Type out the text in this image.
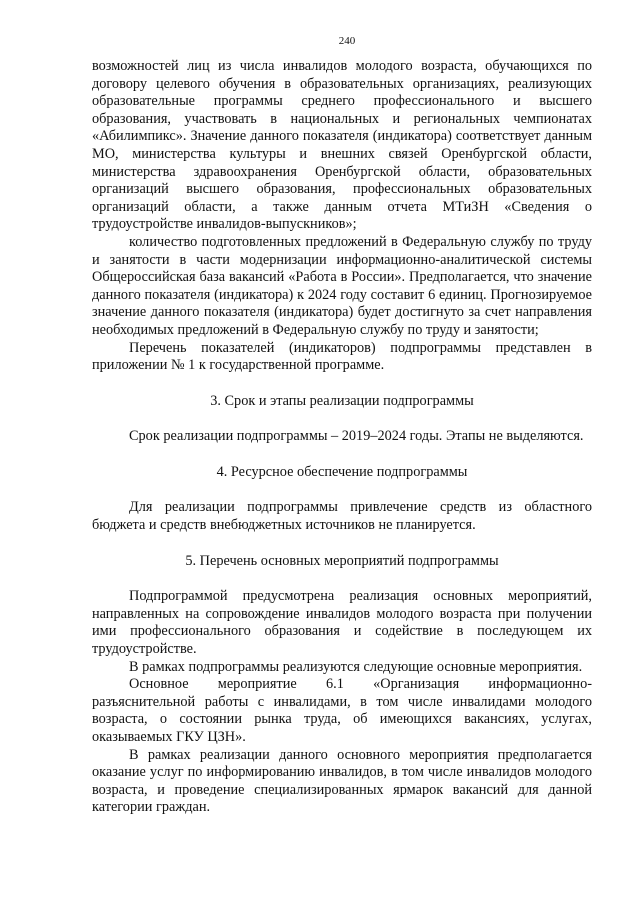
240

возможностей лиц из числа инвалидов молодого возраста, обучающихся по договору целевого обучения в образовательных организациях, реализующих образовательные программы среднего профессионального и высшего образования, участвовать в национальных и региональных чемпионатах «Абилимпикс». Значение данного показателя (индикатора) соответствует данным МО, министерства культуры и внешних связей Оренбургской области, министерства здравоохранения Оренбургской области, образовательных организаций высшего образования, профессиональных образовательных организаций области, а также данным отчета МТиЗН «Сведения о трудоустройстве инвалидов-выпускников»;

количество подготовленных предложений в Федеральную службу по труду и занятости в части модернизации информационно-аналитической системы Общероссийская база вакансий «Работа в России». Предполагается, что значение данного показателя (индикатора) к 2024 году составит 6 единиц. Прогнозируемое значение данного показателя (индикатора) будет достигнуто за счет направления необходимых предложений в Федеральную службу по труду и занятости;

Перечень показателей (индикаторов) подпрограммы представлен в приложении № 1 к государственной программе.

3. Срок и этапы реализации подпрограммы

Срок реализации подпрограммы – 2019–2024 годы. Этапы не выделяются.

4. Ресурсное обеспечение подпрограммы

Для реализации подпрограммы привлечение средств из областного бюджета и средств внебюджетных источников не планируется.

5. Перечень основных мероприятий подпрограммы

Подпрограммой предусмотрена реализация основных мероприятий, направленных на сопровождение инвалидов молодого возраста при получении ими профессионального образования и содействие в последующем их трудоустройстве.

В рамках подпрограммы реализуются следующие основные мероприятия.

Основное мероприятие 6.1 «Организация информационно-разъяснительной работы с инвалидами, в том числе инвалидами молодого возраста, о состоянии рынка труда, об имеющихся вакансиях, услугах, оказываемых ГКУ ЦЗН».

В рамках реализации данного основного мероприятия предполагается оказание услуг по информированию инвалидов, в том числе инвалидов молодого возраста, и проведение специализированных ярмарок вакансий для данной категории граждан.
